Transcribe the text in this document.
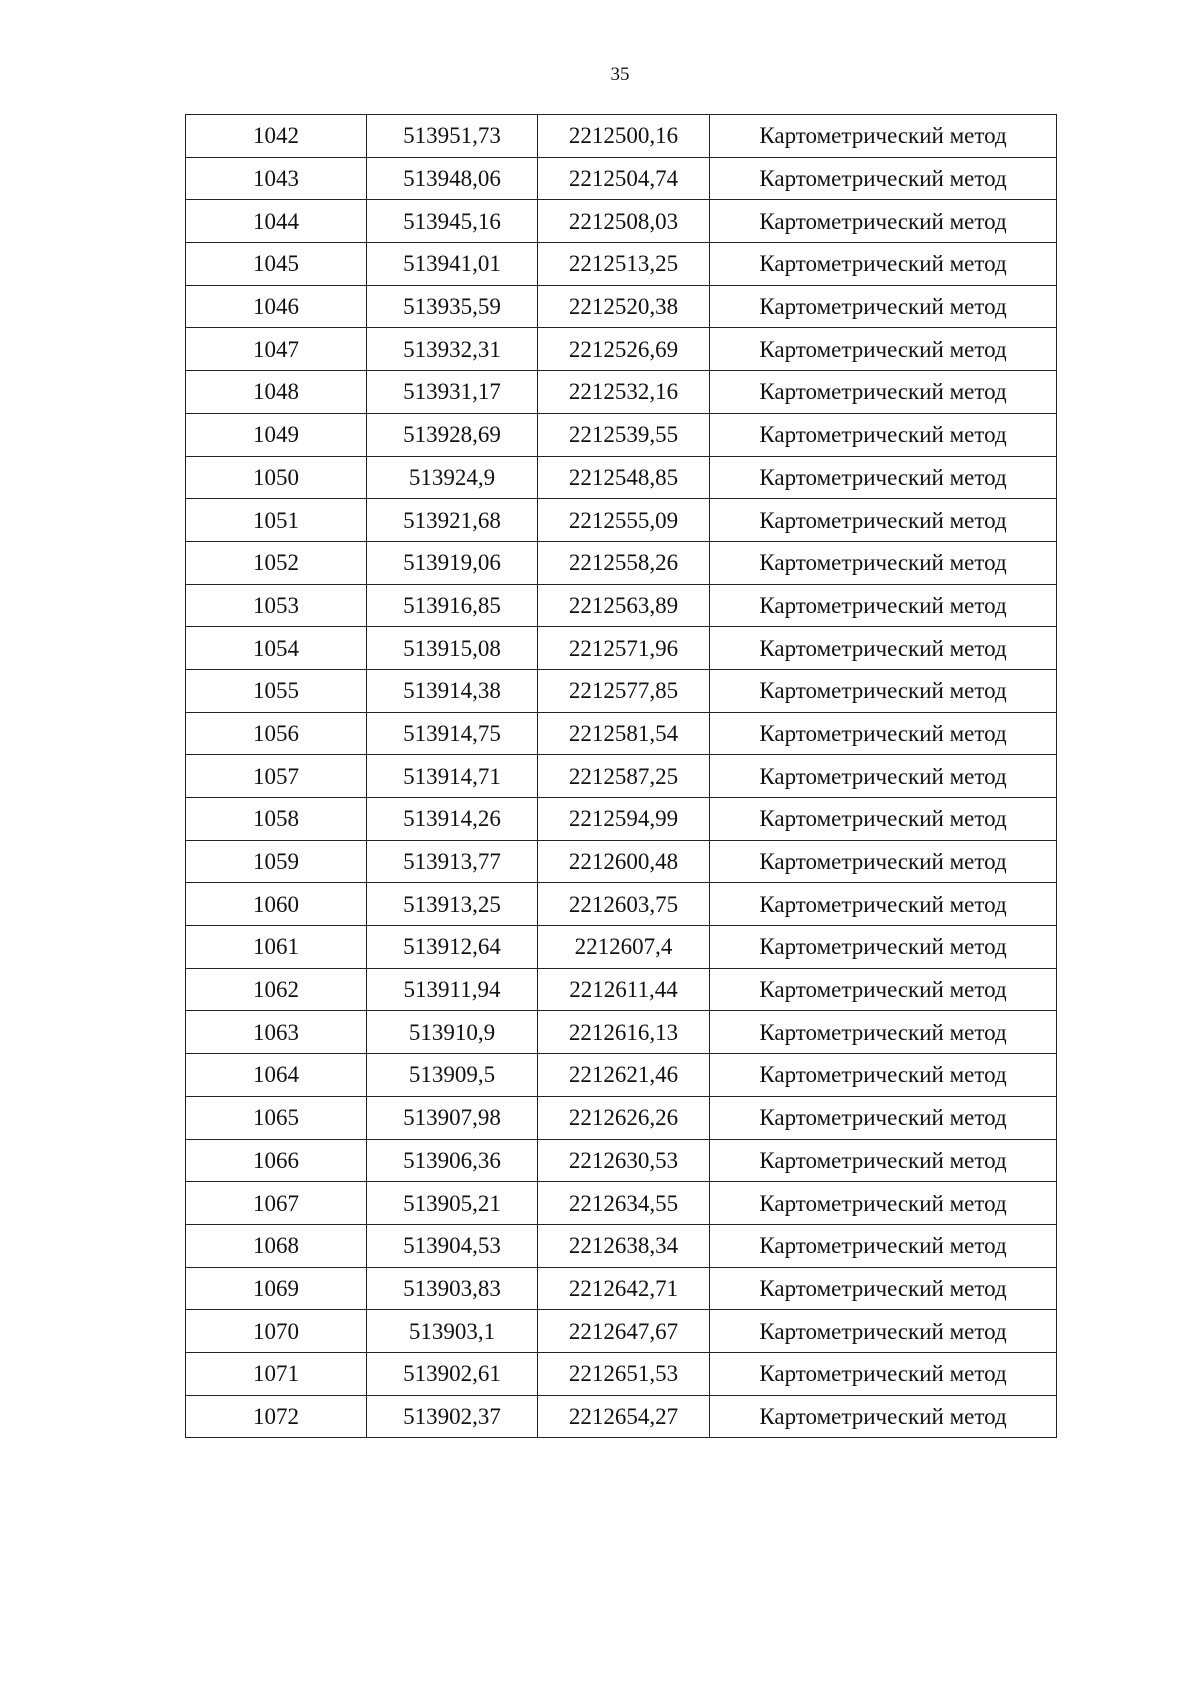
35
1042	513951,73	2212500,16	Картометрический метод
1043	513948,06	2212504,74	Картометрический метод
1044	513945,16	2212508,03	Картометрический метод
1045	513941,01	2212513,25	Картометрический метод
1046	513935,59	2212520,38	Картометрический метод
1047	513932,31	2212526,69	Картометрический метод
1048	513931,17	2212532,16	Картометрический метод
1049	513928,69	2212539,55	Картометрический метод
1050	513924,9	2212548,85	Картометрический метод
1051	513921,68	2212555,09	Картометрический метод
1052	513919,06	2212558,26	Картометрический метод
1053	513916,85	2212563,89	Картометрический метод
1054	513915,08	2212571,96	Картометрический метод
1055	513914,38	2212577,85	Картометрический метод
1056	513914,75	2212581,54	Картометрический метод
1057	513914,71	2212587,25	Картометрический метод
1058	513914,26	2212594,99	Картометрический метод
1059	513913,77	2212600,48	Картометрический метод
1060	513913,25	2212603,75	Картометрический метод
1061	513912,64	2212607,4	Картометрический метод
1062	513911,94	2212611,44	Картометрический метод
1063	513910,9	2212616,13	Картометрический метод
1064	513909,5	2212621,46	Картометрический метод
1065	513907,98	2212626,26	Картометрический метод
1066	513906,36	2212630,53	Картометрический метод
1067	513905,21	2212634,55	Картометрический метод
1068	513904,53	2212638,34	Картометрический метод
1069	513903,83	2212642,71	Картометрический метод
1070	513903,1	2212647,67	Картометрический метод
1071	513902,61	2212651,53	Картометрический метод
1072	513902,37	2212654,27	Картометрический метод
